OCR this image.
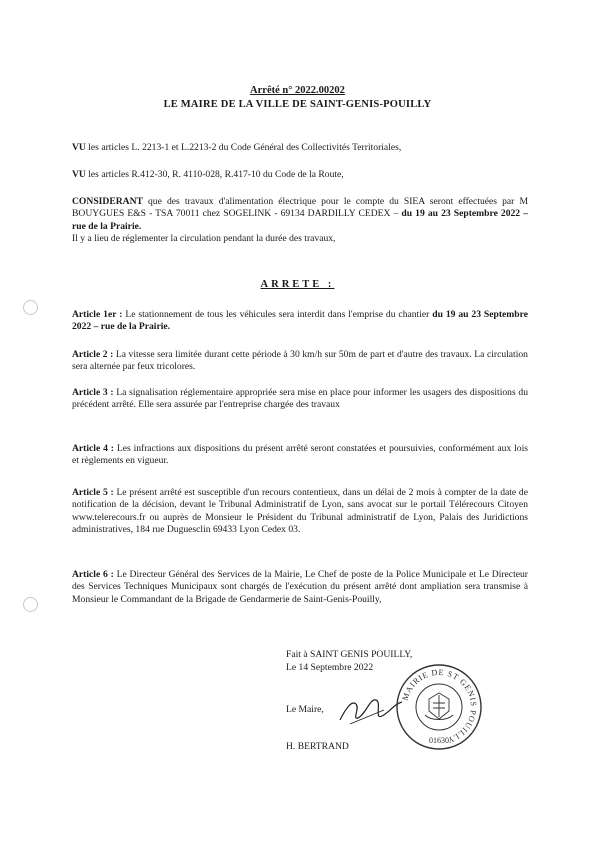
Arrêté n° 2022.00202
LE MAIRE DE LA VILLE DE SAINT-GENIS-POUILLY
VU les articles L. 2213-1 et L.2213-2 du Code Général des Collectivités Territoriales,
VU les articles R.412-30, R. 4110-028, R.417-10 du Code de la Route,
CONSIDERANT que des travaux d'alimentation électrique pour le compte du SIEA seront effectuées par M BOUYGUES E&S - TSA 70011 chez SOGELINK - 69134 DARDILLY CEDEX – du 19 au 23 Septembre 2022 – rue de la Prairie.
Il y a lieu de réglementer la circulation pendant la durée des travaux,
ARRETE :
Article 1er : Le stationnement de tous les véhicules sera interdit dans l'emprise du chantier du 19 au 23 Septembre 2022 – rue de la Prairie.
Article 2 : La vitesse sera limitée durant cette période à 30 km/h sur 50m de part et d'autre des travaux. La circulation sera alternée par feux tricolores.
Article 3 : La signalisation réglementaire appropriée sera mise en place pour informer les usagers des dispositions du précédent arrêté. Elle sera assurée par l'entreprise chargée des travaux
Article 4 : Les infractions aux dispositions du présent arrêté seront constatées et poursuivies, conformément aux lois et règlements en vigueur.
Article 5 : Le présent arrêté est susceptible d'un recours contentieux, dans un délai de 2 mois à compter de la date de notification de la décision, devant le Tribunal Administratif de Lyon, sans avocat sur le portail Télérecours Citoyen www.telerecours.fr ou auprès de Monsieur le Président du Tribunal administratif de Lyon, Palais des Juridictions administratives, 184 rue Duguesclin 69433 Lyon Cedex 03.
Article 6 : Le Directeur Général des Services de la Mairie, Le Chef de poste de la Police Municipale et Le Directeur des Services Techniques Municipaux sont chargés de l'exécution du présent arrêté dont ampliation sera transmise à Monsieur le Commandant de la Brigade de Gendarmerie de Saint-Genis-Pouilly,
Fait à SAINT GENIS POUILLY,
Le 14 Septembre 2022
Le Maire,
H. BERTRAND
MAIRIE DE ST GENIS POUILLY
01630
